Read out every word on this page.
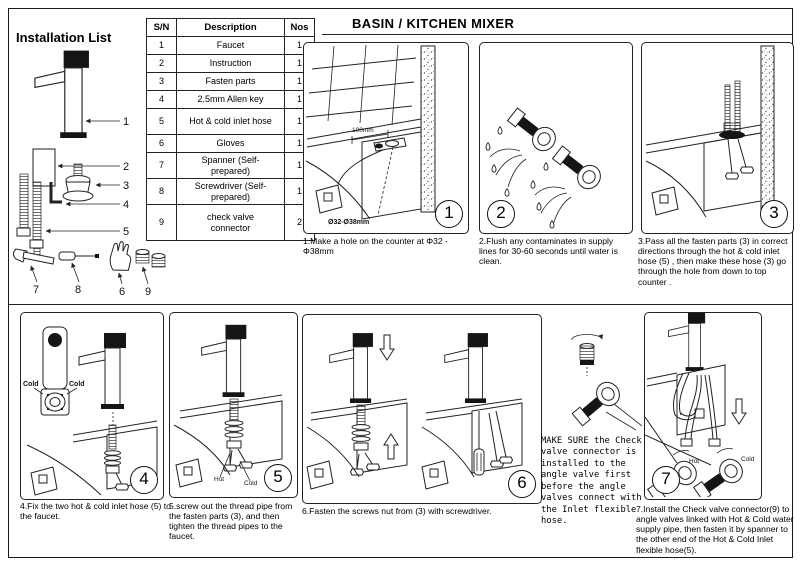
BASIN / KITCHEN MIXER
Installation List
1
2
3
4
5
7	8	6 9
S/N	Description	Nos
1	Faucet	1
2	Instruction	1
3	Fasten parts	1
4	2.5mm Allen key	1
5	Hot & cold inlet hose	1
6	Gloves	1
7	Spanner (Self-prepared)	1
8	Screwdriver (Self-prepared)	1
9	check valve connector	2
100mm
Ø32-Ø38mm
1
1.Make a hole on the counter at Φ32 - Φ38mm
2
2.Flush any contaminates in supply lines for 30-60 seconds until water is clean.
3
3.Pass all the fasten parts (3) in correct directions through the hot & cold inlet hose (5) , then make these hose (3) go through the hole from down to top counter .
Cold	Cold
4
4.Fix the two hot & cold inlet hose (5) to the faucet.
Hot
Cold 5
5.screw out the thread pipe from the fasten parts (3), and then tighten the thread pipes to the faucet.
6
6.Fasten the screws nut from (3) with screwdriver.
MAKE SURE the Check valve connector is installed to the angle valve first before the angle valves connect with the Inlet flexible hose.
Hot	Cold
7
7.Install the Check valve connector(9) to angle valves linked with Hot & Cold water supply pipe, then fasten it by spanner to the other end of the Hot & Cold Inlet flexible hose(5).
